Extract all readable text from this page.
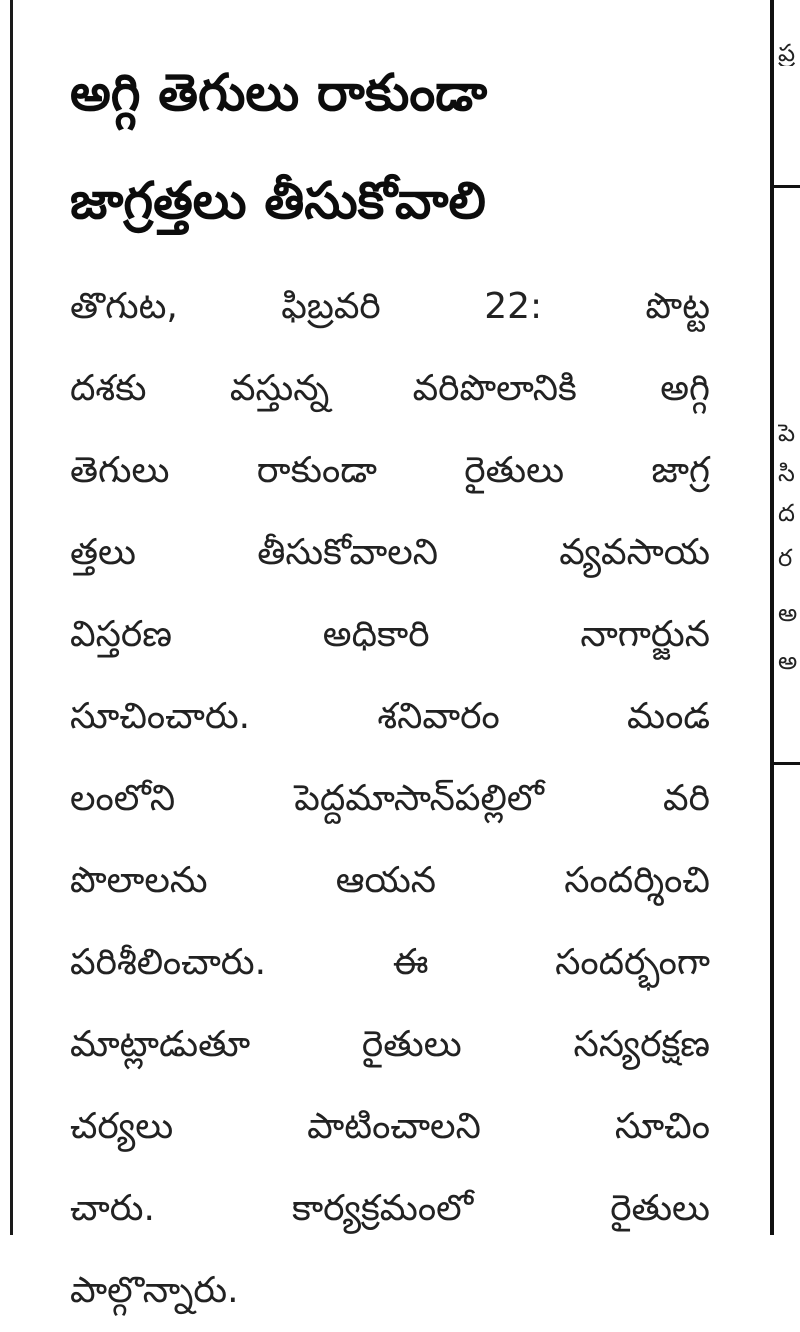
అగ్గి తెగులు రాకుండా
జాగ్రత్తలు తీసుకోవాలి
తొగుట, ఫిబ్రవరి 22: పొట్ట
దశకు వస్తున్న వరిపొలానికి అగ్గి
తెగులు రాకుండా రైతులు జాగ్ర
త్తలు తీసుకోవాలని వ్యవసాయ
విస్తరణ అధికారి నాగార్జున
సూచించారు. శనివారం మండ
లంలోని పెద్దమాసాన్‌పల్లిలో వరి
పొలాలను ఆయన సందర్శించి
పరిశీలించారు. ఈ సందర్భంగా
మాట్లాడుతూ రైతులు సస్యరక్షణ
చర్యలు పాటించాలని సూచిం
చారు. కార్యక్రమంలో రైతులు
పాల్గొన్నారు.
ప్ర
అ
అ
ర
ద
సి
పె
